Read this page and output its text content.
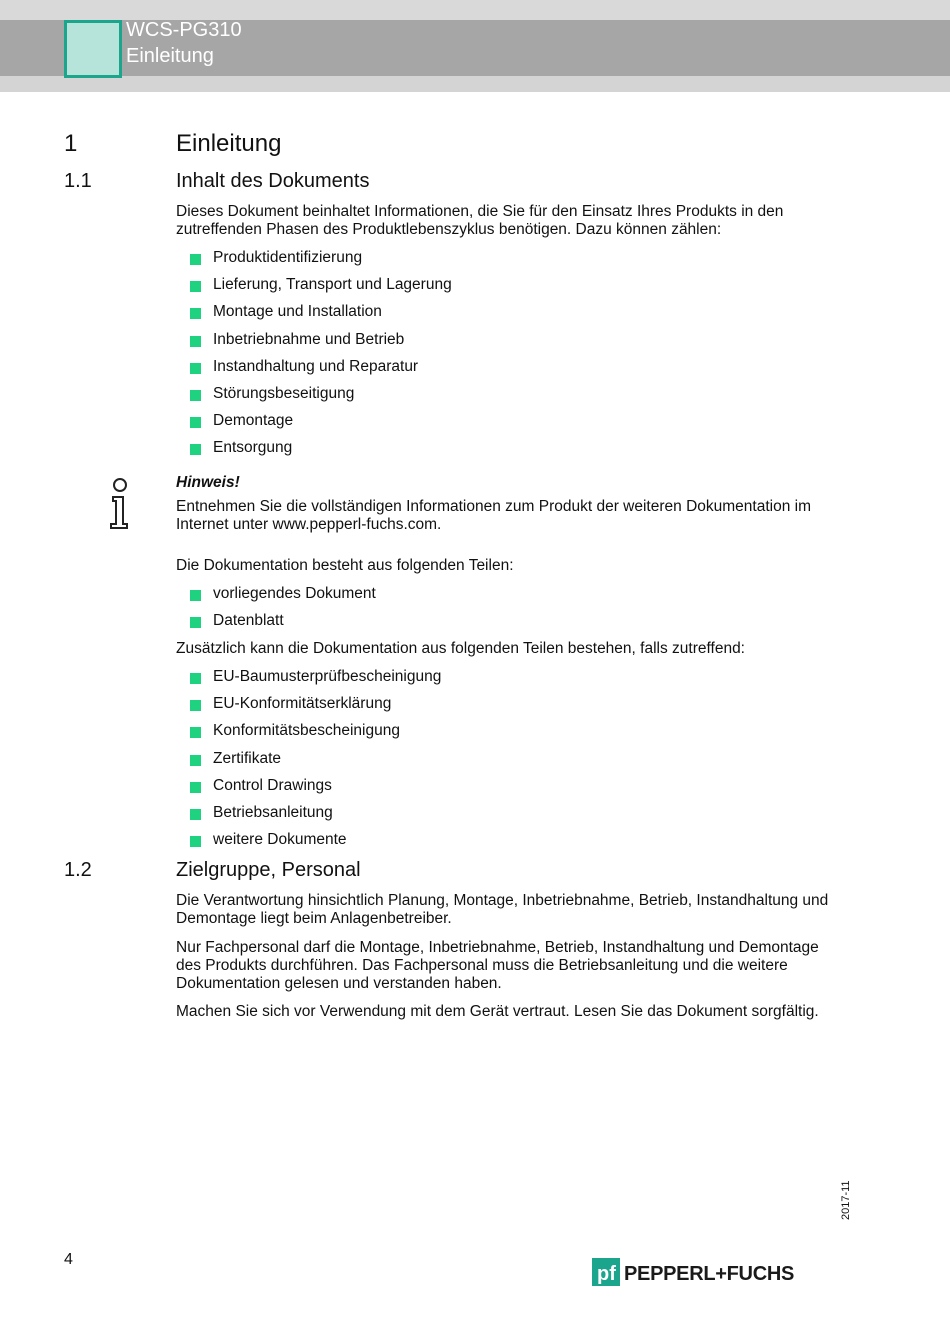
WCS-PG310
Einleitung
1	Einleitung
1.1	Inhalt des Dokuments
Dieses Dokument beinhaltet Informationen, die Sie für den Einsatz Ihres Produkts in den zutreffenden Phasen des Produktlebenszyklus benötigen. Dazu können zählen:
Produktidentifizierung
Lieferung, Transport und Lagerung
Montage und Installation
Inbetriebnahme und Betrieb
Instandhaltung und Reparatur
Störungsbeseitigung
Demontage
Entsorgung
Hinweis!
Entnehmen Sie die vollständigen Informationen zum Produkt der weiteren Dokumentation im Internet unter www.pepperl-fuchs.com.
Die Dokumentation besteht aus folgenden Teilen:
vorliegendes Dokument
Datenblatt
Zusätzlich kann die Dokumentation aus folgenden Teilen bestehen, falls zutreffend:
EU-Baumusterprüfbescheinigung
EU-Konformitätserklärung
Konformitätsbescheinigung
Zertifikate
Control Drawings
Betriebsanleitung
weitere Dokumente
1.2	Zielgruppe, Personal
Die Verantwortung hinsichtlich Planung, Montage, Inbetriebnahme, Betrieb, Instandhaltung und Demontage liegt beim Anlagenbetreiber.
Nur Fachpersonal darf die Montage, Inbetriebnahme, Betrieb, Instandhaltung und Demontage des Produkts durchführen. Das Fachpersonal muss die Betriebsanleitung und die weitere Dokumentation gelesen und verstanden haben.
Machen Sie sich vor Verwendung mit dem Gerät vertraut. Lesen Sie das Dokument sorgfältig.
2017-11
4
pf PEPPERL+FUCHS
